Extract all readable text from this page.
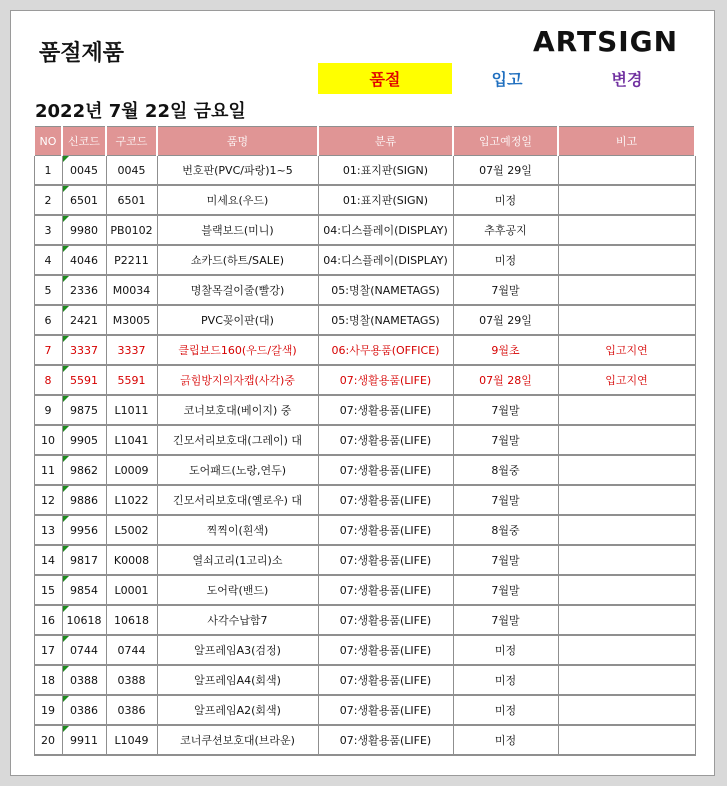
품절제품	ARTSIGN
품절	입고	변경
2022년 7월 22일 금요일
NO	신코드	구코드	품명	분류	입고예정일	비고
1	0045	0045	번호판(PVC/파랑)1~5	01:표지판(SIGN)	07월 29일	
2	6501	6501	미세요(우드)	01:표지판(SIGN)	미정	
3	9980	PB0102	블랙보드(미니)	04:디스플레이(DISPLAY)	추후공지	
4	4046	P2211	쇼카드(하트/SALE)	04:디스플레이(DISPLAY)	미정	
5	2336	M0034	명찰목걸이줄(빨강)	05:명찰(NAMETAGS)	7월말	
6	2421	M3005	PVC꽂이판(대)	05:명찰(NAMETAGS)	07월 29일	
7	3337	3337	클립보드160(우드/갈색)	06:사무용품(OFFICE)	9월초	입고지연
8	5591	5591	긁힘방지의자캡(사각)중	07:생활용품(LIFE)	07월 28일	입고지연
9	9875	L1011	코너보호대(베이지) 중	07:생활용품(LIFE)	7월말	
10	9905	L1041	긴모서리보호대(그레이) 대	07:생활용품(LIFE)	7월말	
11	9862	L0009	도어패드(노랑,연두)	07:생활용품(LIFE)	8월중	
12	9886	L1022	긴모서리보호대(옐로우) 대	07:생활용품(LIFE)	7월말	
13	9956	L5002	찍찍이(흰색)	07:생활용품(LIFE)	8월중	
14	9817	K0008	열쇠고리(1고리)소	07:생활용품(LIFE)	7월말	
15	9854	L0001	도어락(밴드)	07:생활용품(LIFE)	7월말	
16	10618	10618	사각수납함7	07:생활용품(LIFE)	7월말	
17	0744	0744	알프레임A3(검정)	07:생활용품(LIFE)	미정	
18	0388	0388	알프레임A4(회색)	07:생활용품(LIFE)	미정	
19	0386	0386	알프레임A2(회색)	07:생활용품(LIFE)	미정	
20	9911	L1049	코너쿠션보호대(브라운)	07:생활용품(LIFE)	미정	
